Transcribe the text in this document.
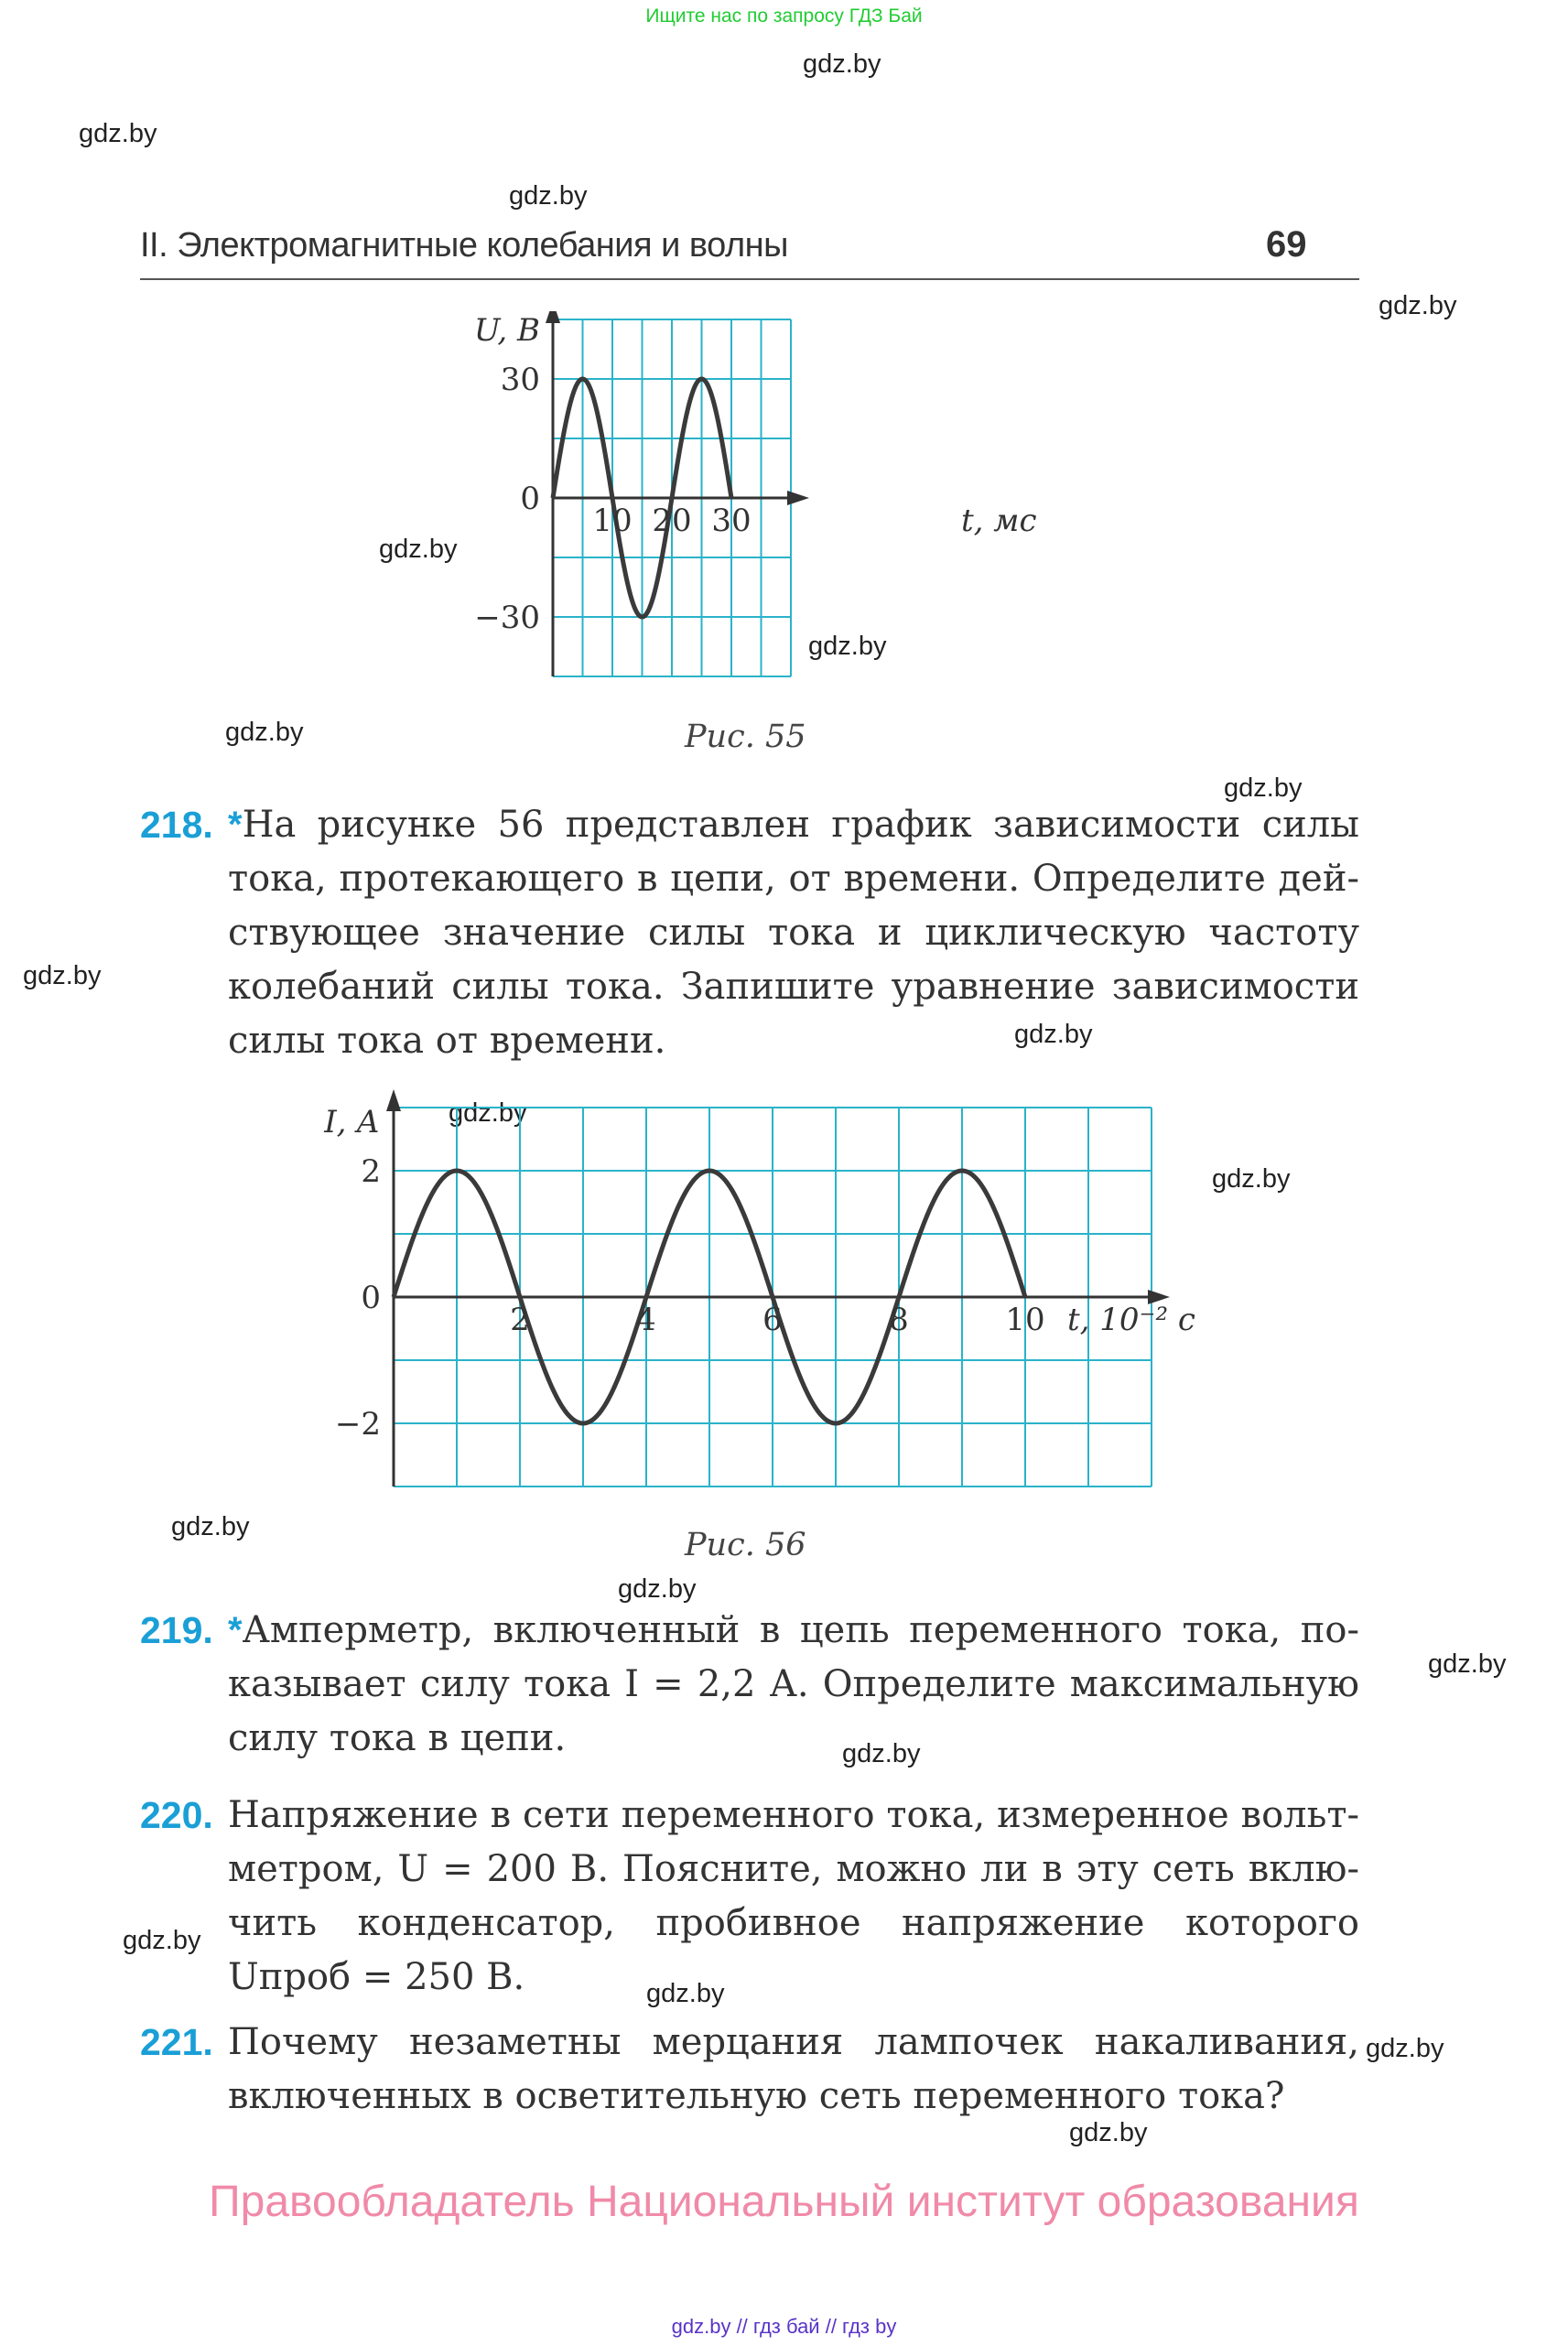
Ищите нас по запросу ГДЗ Бай
gdz.by
gdz.by
gdz.by
gdz.by
gdz.by
gdz.by
gdz.by
gdz.by
gdz.by
gdz.by
gdz.by
gdz.by
gdz.by
gdz.by
gdz.by
gdz.by
gdz.by
gdz.by
gdz.by
gdz.by
II. Электромагнитные колебания и волны	69
10 20 30
30
0
−30
U, В
t, мс
Рис. 55
218. *На рисунке 56 представлен график зависимости силы
тока, протекающего в цепи, от времени. Определите дей-
ствующее значение силы тока и циклическую частоту
колебаний силы тока. Запишите уравнение зависимости
силы тока от времени.
2	4	6	8	10
2
0
−2
I, А
t, 10⁻² с
Рис. 56
219. *Амперметр, включенный в цепь переменного тока, по-
казывает силу тока I = 2,2 А. Определите максимальную
силу тока в цепи.
220. Напряжение в сети переменного тока, измеренное вольт-
метром, U = 200 В. Поясните, можно ли в эту сеть вклю-
чить конденсатор, пробивное напряжение которого
Uпроб = 250 В.
221. Почему незаметны мерцания лампочек накаливания,
включенных в осветительную сеть переменного тока?
Правообладатель Национальный институт образования
gdz.by // гдз бай // гдз by
